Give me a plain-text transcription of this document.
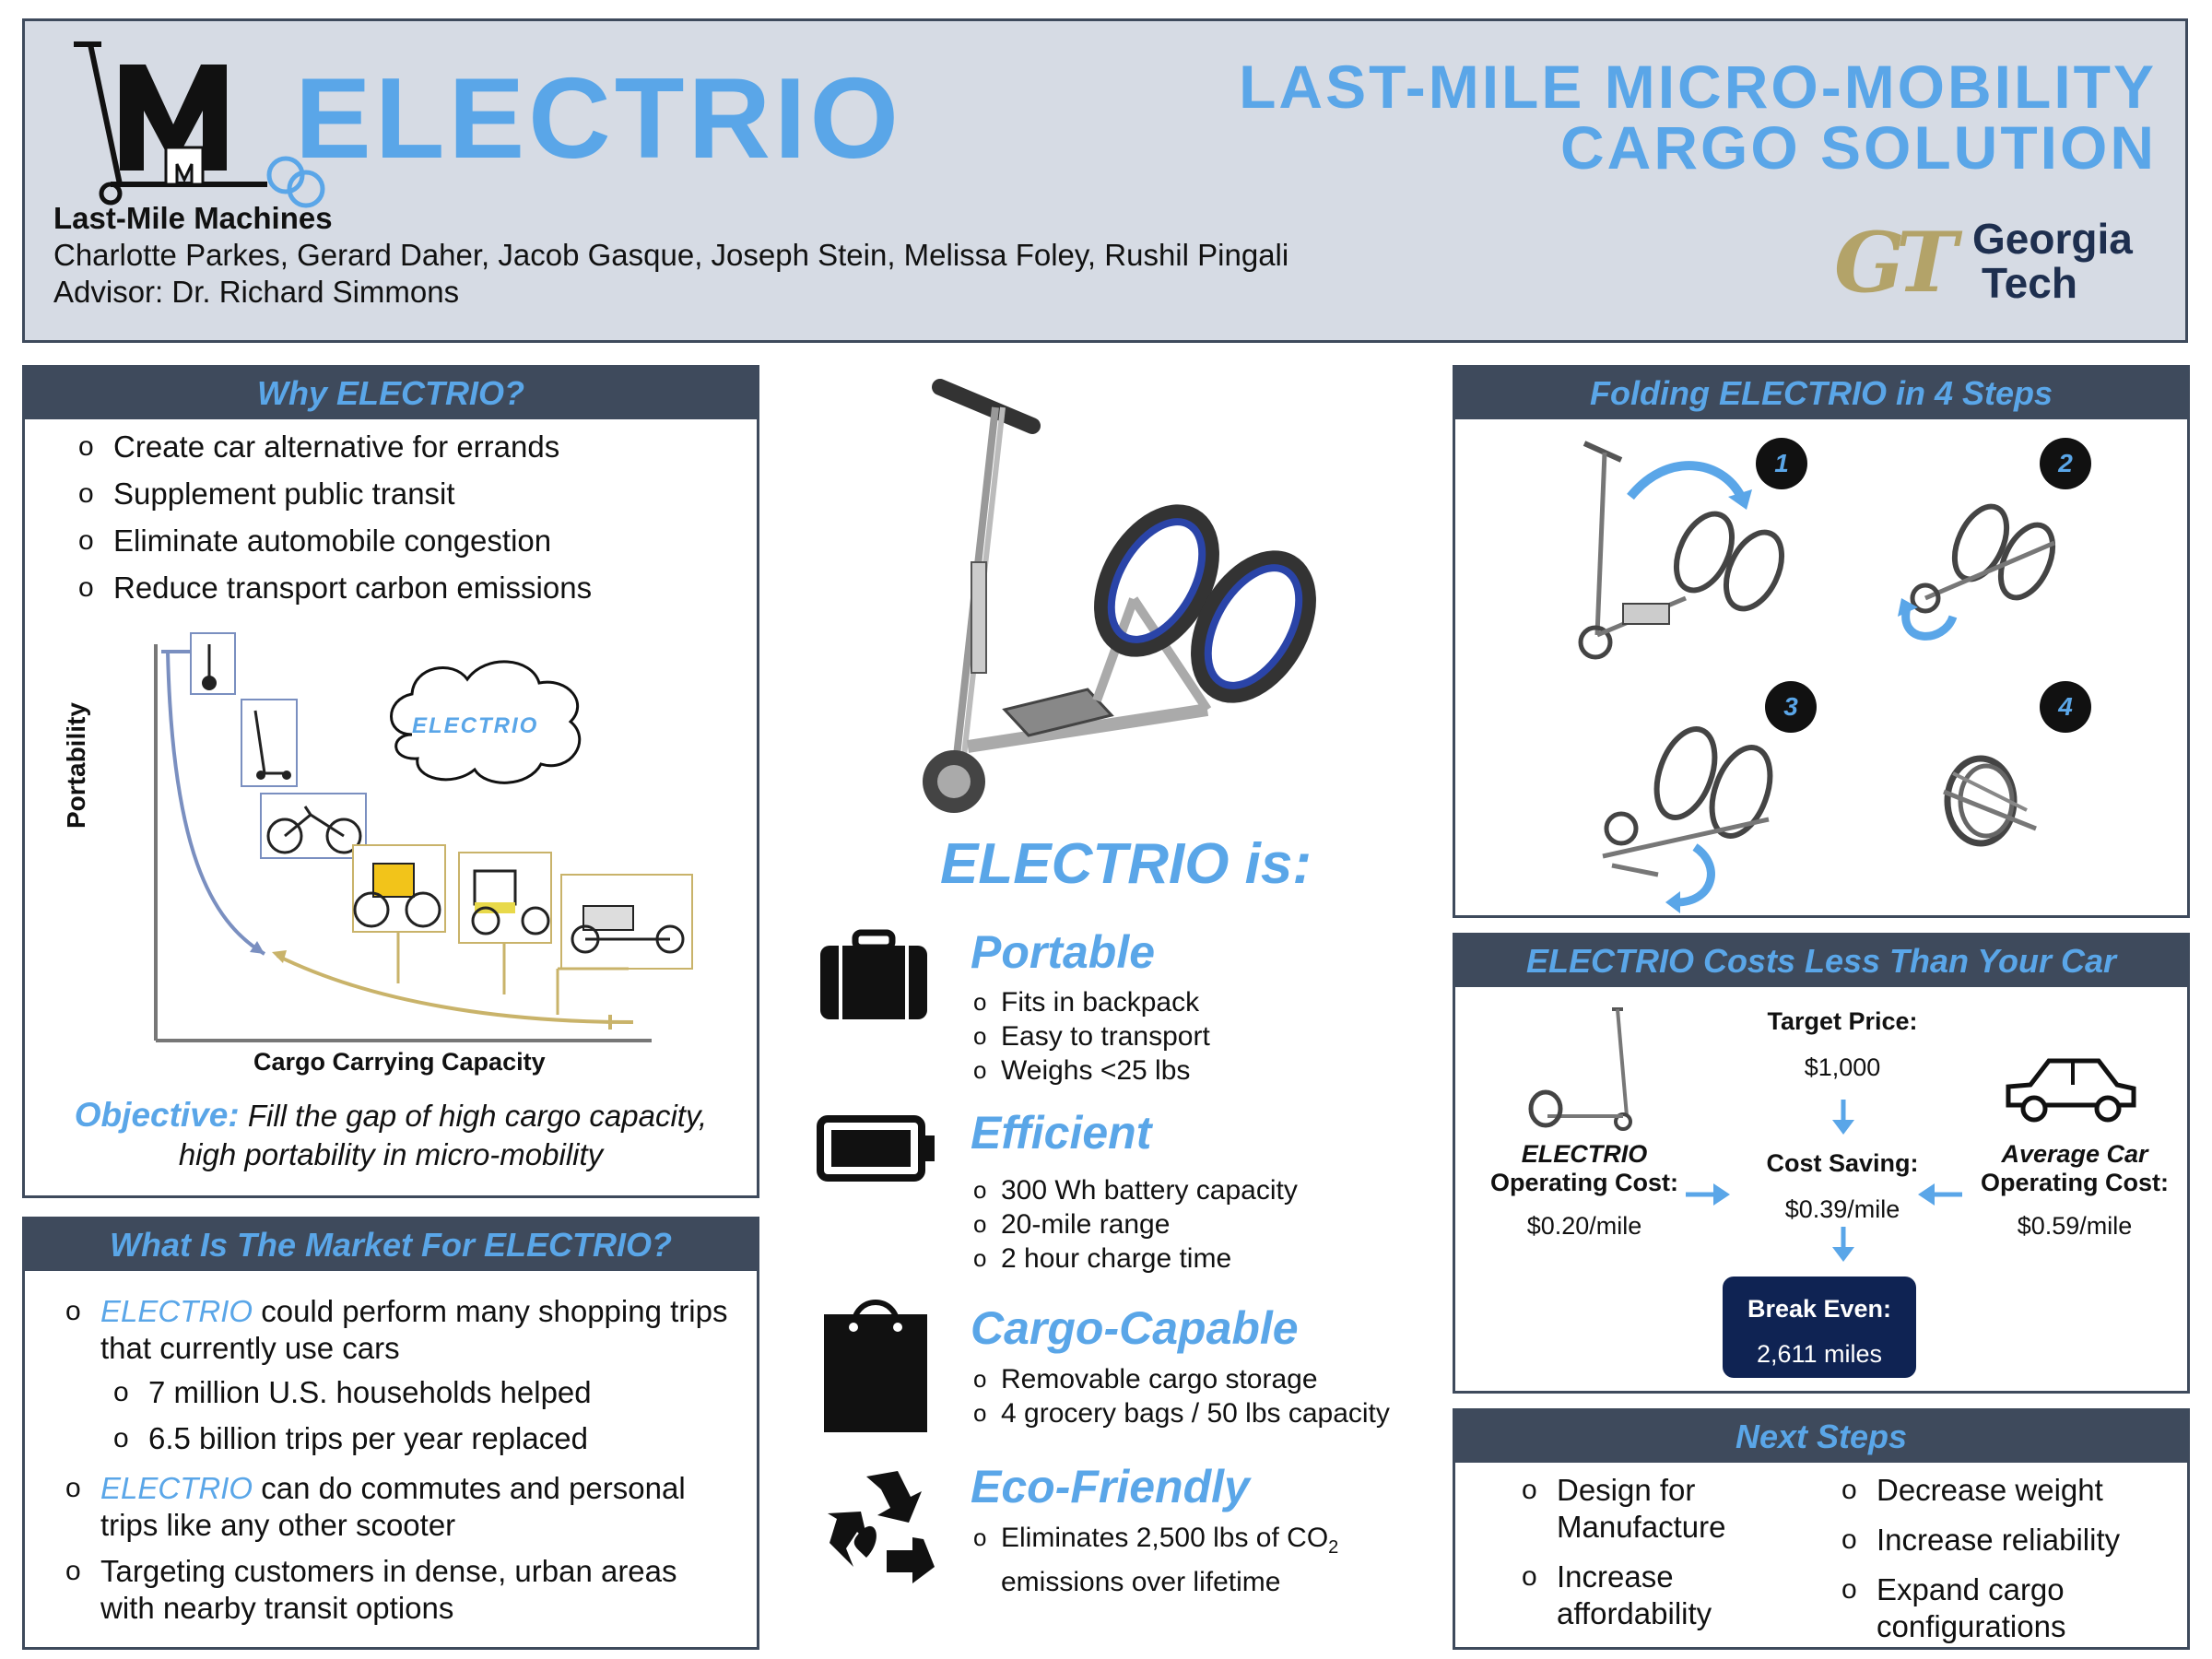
ELECTRIO	LAST-MILE MICRO-MOBILITY
CARGO SOLUTION
Last-Mile Machines
Charlotte Parkes, Gerard Daher, Jacob Gasque, Joseph Stein, Melissa Foley, Rushil Pingali
Advisor: Dr. Richard Simmons	GT Georgia
Tech
Why ELECTRIO?
o Create car alternative for errands
o Supplement public transit
o Eliminate automobile congestion
o Reduce transport carbon emissions
ELECTRIO
Portability
Cargo Carrying Capacity
Objective: Fill the gap of high cargo capacity,
high portability in micro-mobility
What Is The Market For ELECTRIO?
o ELECTRIO could perform many shopping trips
that currently use cars
o 7 million U.S. households helped
o 6.5 billion trips per year replaced
o ELECTRIO can do commutes and personal
trips like any other scooter
o Targeting customers in dense, urban areas
with nearby transit options
ELECTRIO is:
Portable
o Fits in backpack
o Easy to transport
o Weighs <25 lbs
Efficient
o 300 Wh battery capacity
o 20-mile range
o 2 hour charge time
Cargo-Capable
o Removable cargo storage
o 4 grocery bags / 50 lbs capacity
Eco-Friendly
o Eliminates 2,500 lbs of $CO_2$
emissions over lifetime
Folding ELECTRIO in 4 Steps
1	2
3	4
ELECTRIO Costs Less Than Your Car
Target Price:
$1,000
Cost Saving:
$0.39/mile
ELECTRIO
Operating Cost:
$0.20/mile
Average Car
Operating Cost:
$0.59/mile
Break Even:
2,611 miles
Next Steps
o Design for
Manufacture
o Increase
affordability
o Decrease weight
o Increase reliability
o Expand cargo
configurations
